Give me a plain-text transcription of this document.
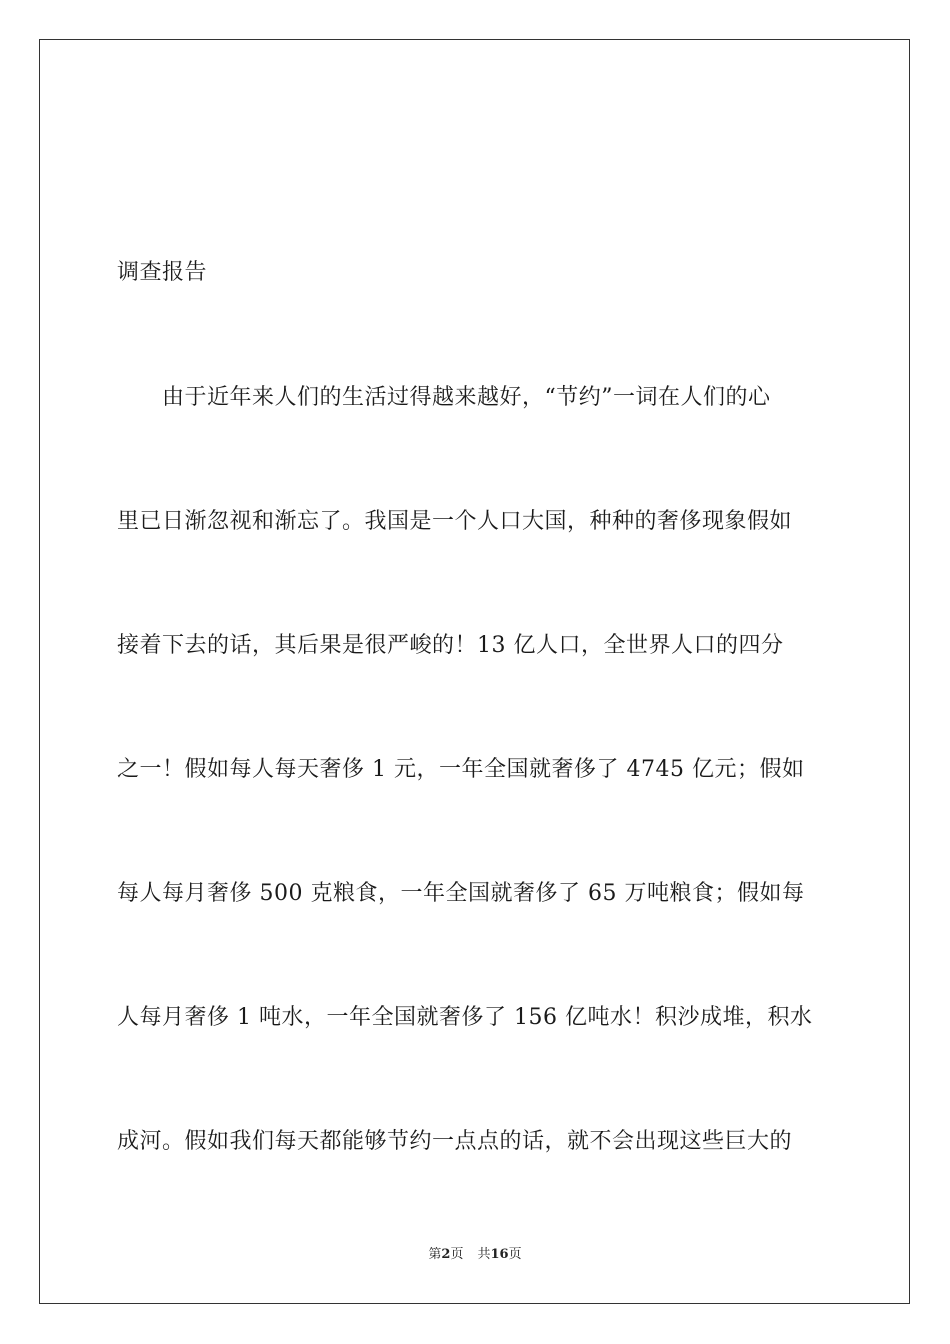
调查报告
　　由于近年来人们的生活过得越来越好，“节约”一词在人们的心
里已日渐忽视和渐忘了。我国是一个人口大国，种种的奢侈现象假如
接着下去的话，其后果是很严峻的！13 亿人口，全世界人口的四分
之一！假如每人每天奢侈 1 元，一年全国就奢侈了 4745 亿元；假如
每人每月奢侈 500 克粮食，一年全国就奢侈了 65 万吨粮食；假如每
人每月奢侈 1 吨水，一年全国就奢侈了 156 亿吨水！积沙成堆，积水
成河。假如我们每天都能够节约一点点的话，就不会出现这些巨大的
第2页 共16页
